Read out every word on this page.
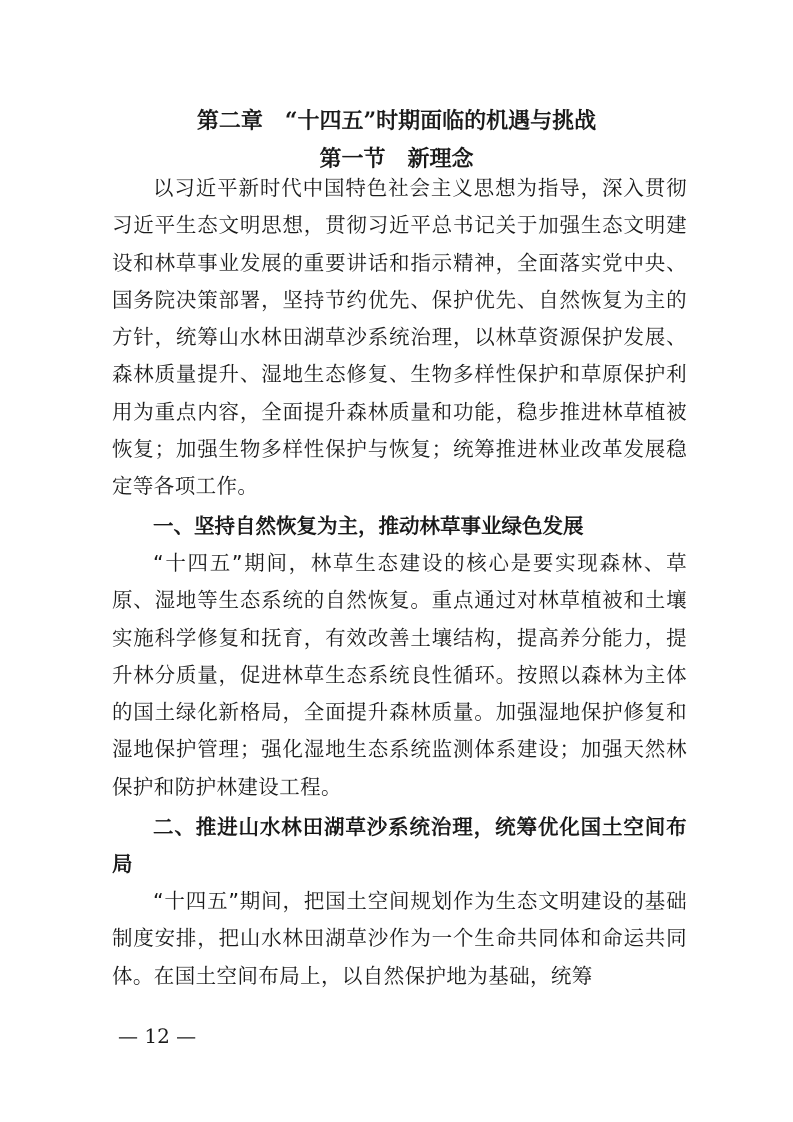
第二章　“十四五”时期面临的机遇与挑战
第一节　新理念

以习近平新时代中国特色社会主义思想为指导，深入贯彻习近平生态文明思想，贯彻习近平总书记关于加强生态文明建设和林草事业发展的重要讲话和指示精神，全面落实党中央、国务院决策部署，坚持节约优先、保护优先、自然恢复为主的方针，统筹山水林田湖草沙系统治理，以林草资源保护发展、森林质量提升、湿地生态修复、生物多样性保护和草原保护利用为重点内容，全面提升森林质量和功能，稳步推进林草植被恢复；加强生物多样性保护与恢复；统筹推进林业改革发展稳定等各项工作。

一、坚持自然恢复为主，推动林草事业绿色发展

“十四五”期间，林草生态建设的核心是要实现森林、草原、湿地等生态系统的自然恢复。重点通过对林草植被和土壤实施科学修复和抚育，有效改善土壤结构，提高养分能力，提升林分质量，促进林草生态系统良性循环。按照以森林为主体的国土绿化新格局，全面提升森林质量。加强湿地保护修复和湿地保护管理；强化湿地生态系统监测体系建设；加强天然林保护和防护林建设工程。

二、推进山水林田湖草沙系统治理，统筹优化国土空间布局

“十四五”期间，把国土空间规划作为生态文明建设的基础制度安排，把山水林田湖草沙作为一个生命共同体和命运共同体。在国土空间布局上，以自然保护地为基础，统筹

— 12 —
